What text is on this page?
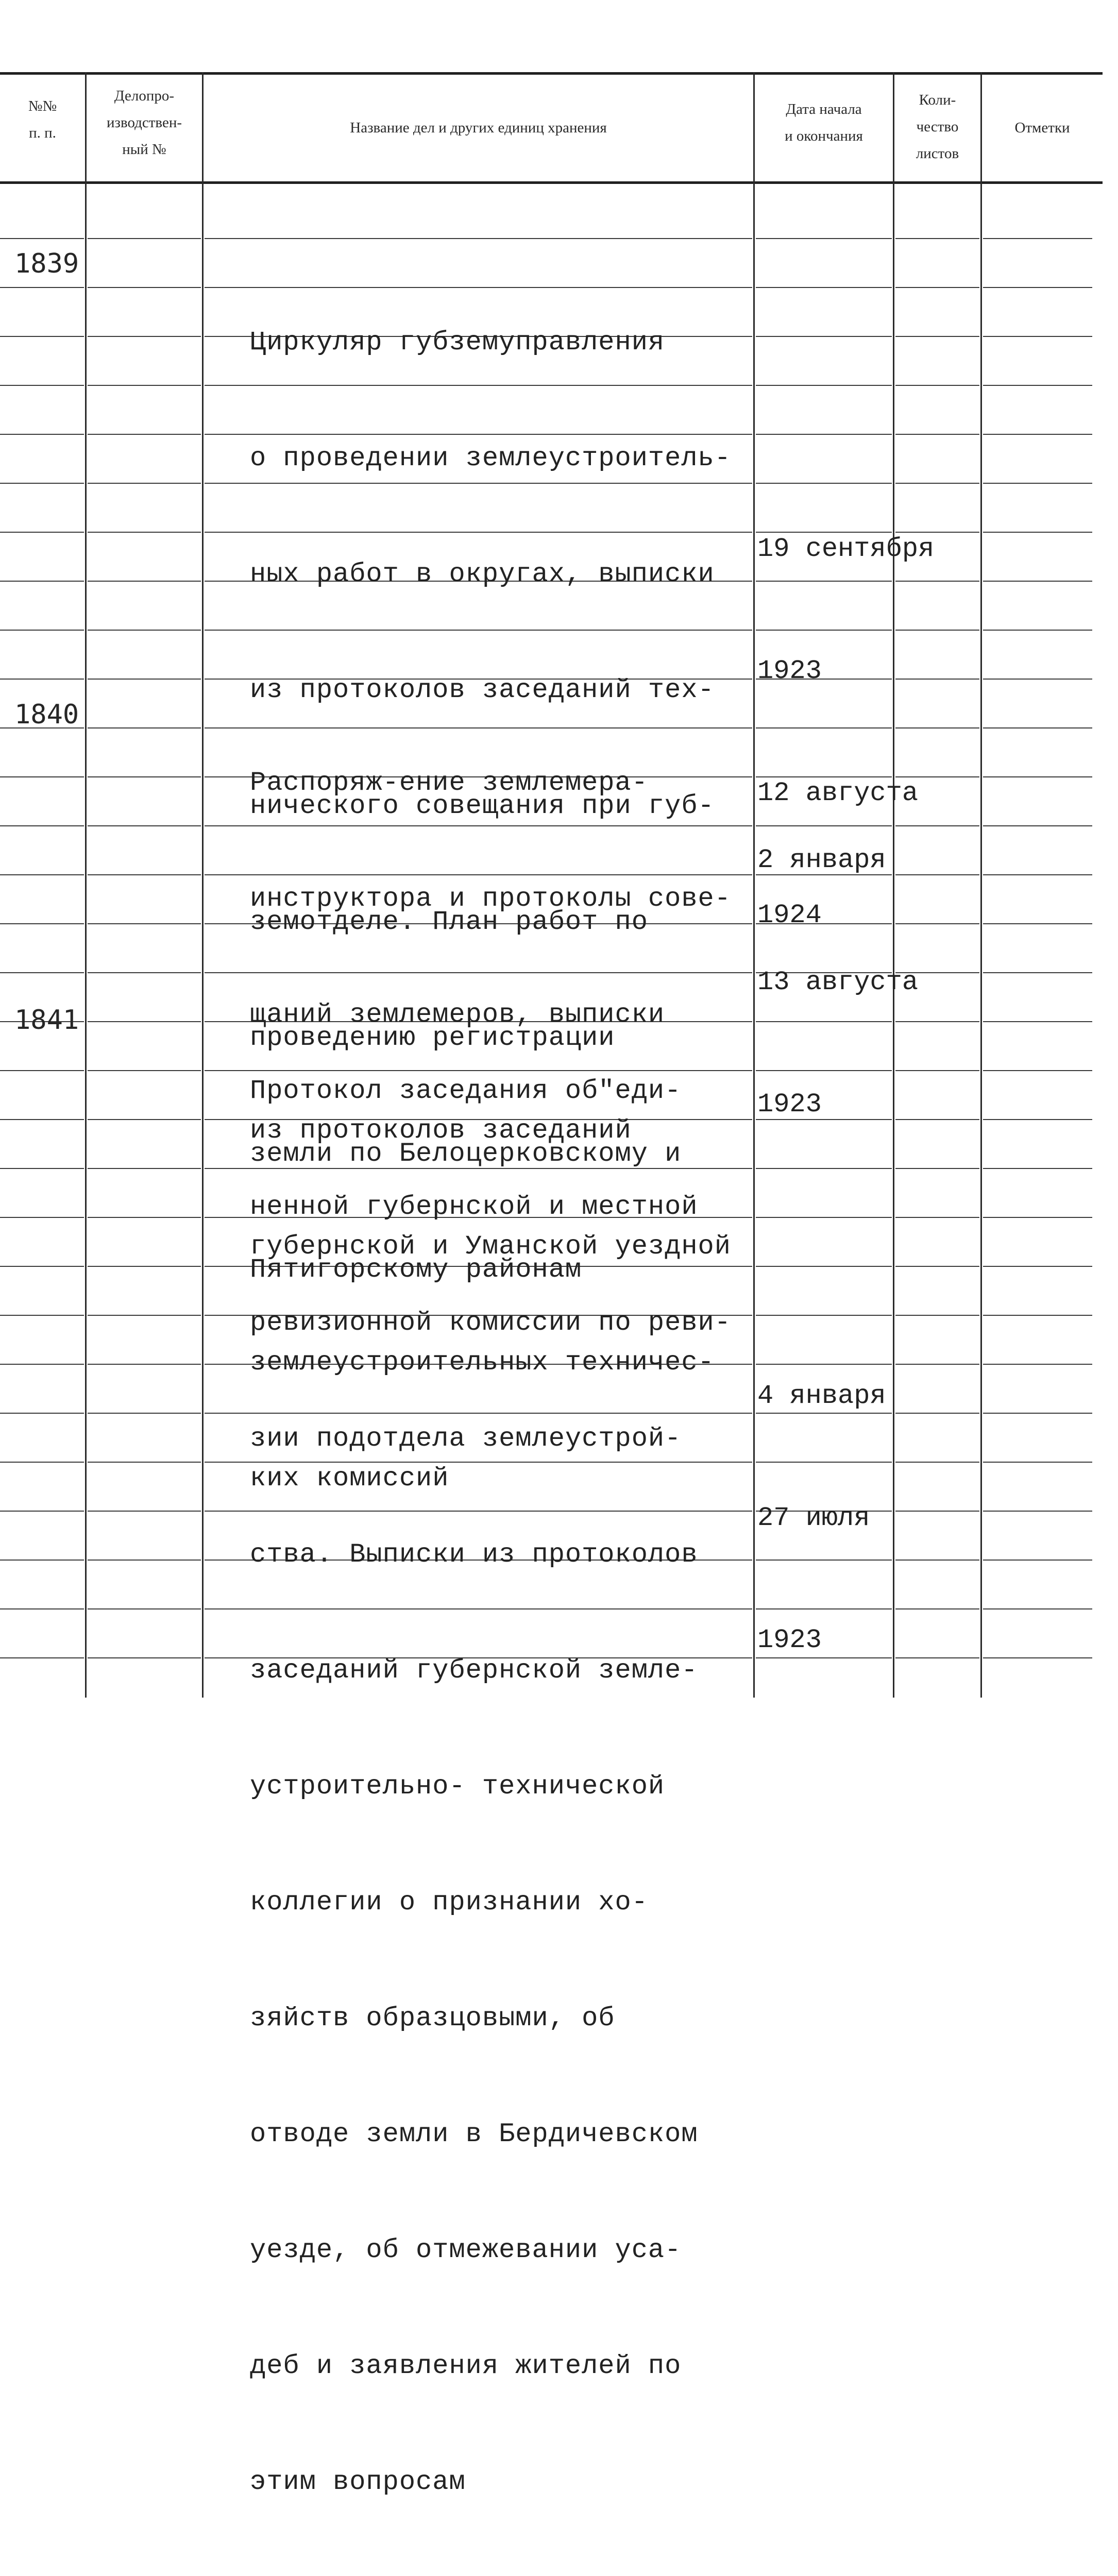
№№
п. п.
Делопро-
изводствен-
ный №
Название дел и других единиц хранения
Дата начала
и окончания
Коли-
чество
листов
Отметки
1839

Циркуляр губземуправления

о проведении землеустроитель-

ных работ в округах, выписки

из протоколов заседаний тех-

нического совещания при губ-

земотделе. План работ по

проведению регистрации

земли по Белоцерковскому и

Пятигорскому районам

19 сентября

1923

12 августа

1924

1840

Распоряж-ение землемера-

инструктора и протоколы сове-

щаний землемеров, выписки

из протоколов заседаний

губернской и Уманской уездной

землеустроительных техничес-

ких комиссий

2 января

13 августа

1923

1841

Протокол заседания об"еди-

ненной губернской и местной

ревизионной комиссии по реви-

зии подотдела землеустрой-

ства. Выписки из протоколов

заседаний губернской земле-

устроительно- технической

коллегии о признании хо-

зяйств образцовыми, об

отводе земли в Бердичевском

уезде, об отмежевании уса-

деб и заявления жителей по

этим вопросам

4 января

27 июля

1923
